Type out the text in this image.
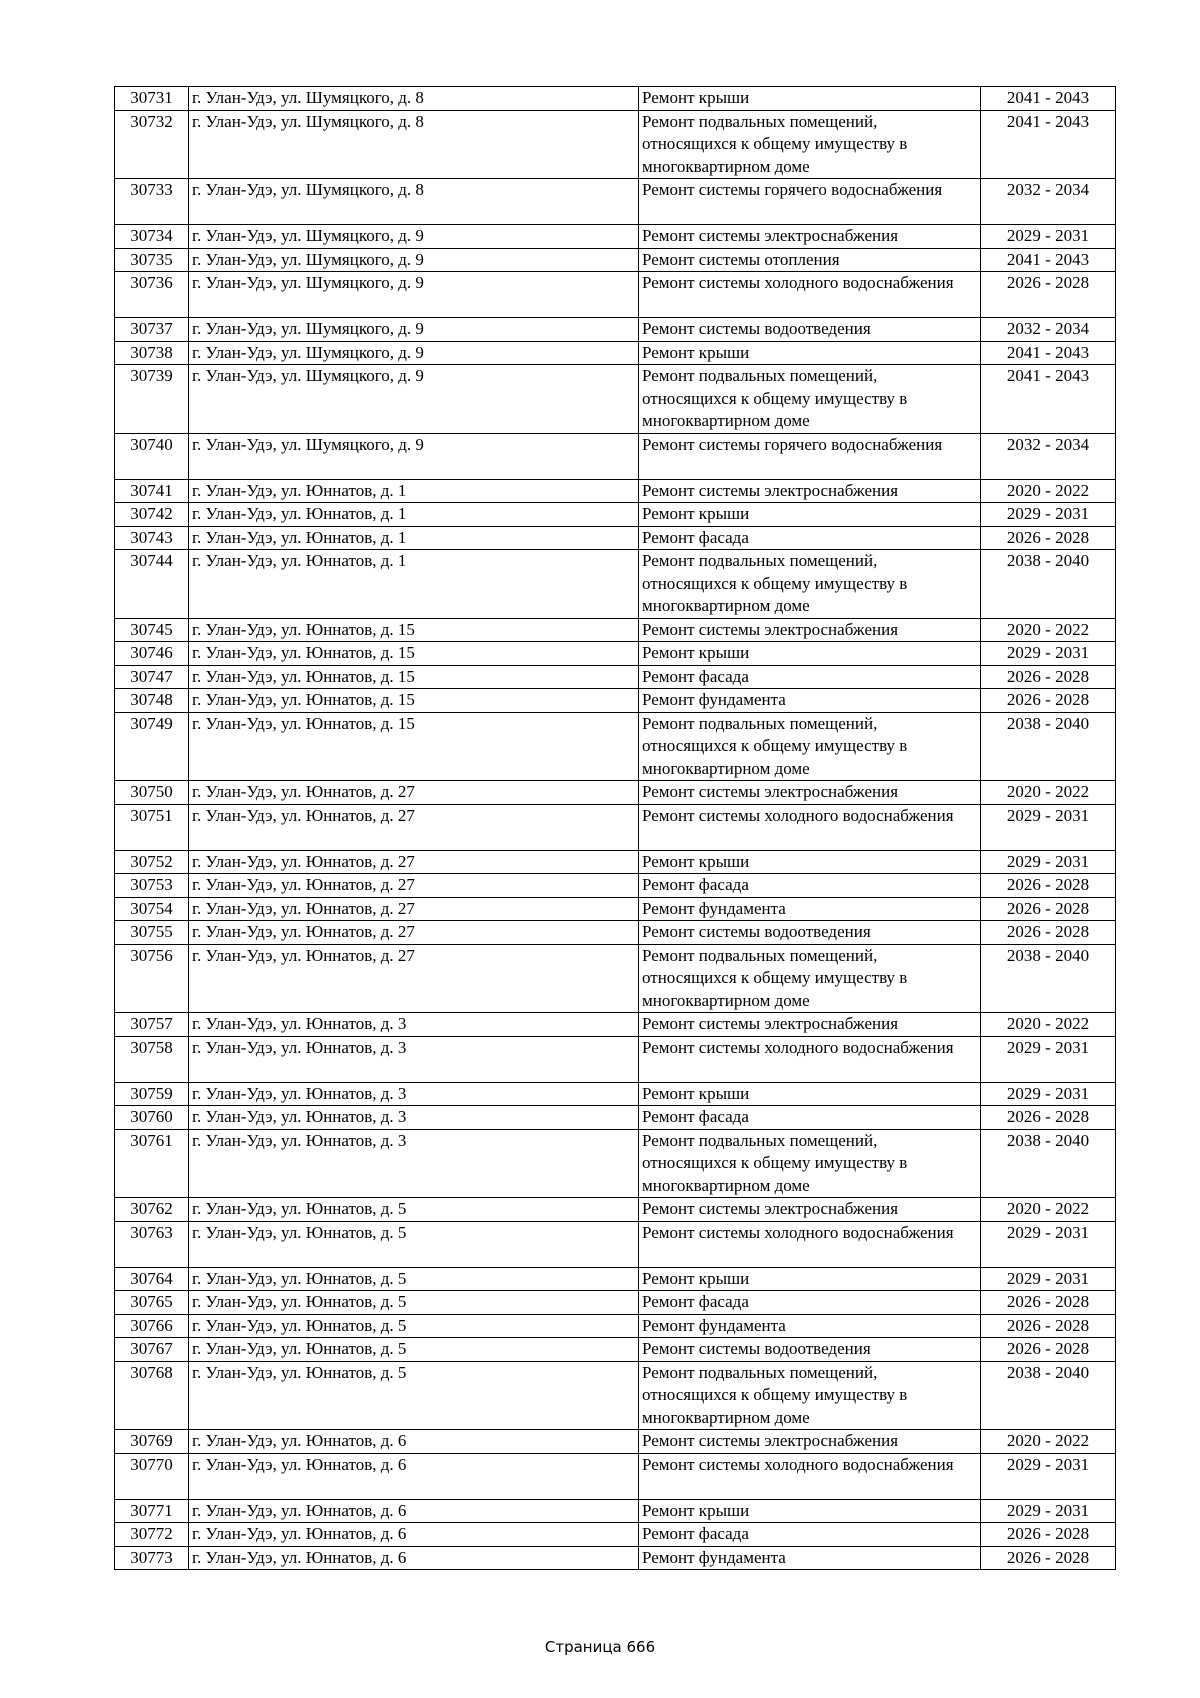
30731	г. Улан-Удэ, ул. Шумяцкого, д. 8	Ремонт крыши	2041 - 2043
30732	г. Улан-Удэ, ул. Шумяцкого, д. 8	Ремонт подвальных помещений,
относящихся к общему имуществу в
многоквартирном доме	2041 - 2043
30733	г. Улан-Удэ, ул. Шумяцкого, д. 8	Ремонт системы горячего водоснабжения	2032 - 2034
30734	г. Улан-Удэ, ул. Шумяцкого, д. 9	Ремонт системы электроснабжения	2029 - 2031
30735	г. Улан-Удэ, ул. Шумяцкого, д. 9	Ремонт системы отопления	2041 - 2043
30736	г. Улан-Удэ, ул. Шумяцкого, д. 9	Ремонт системы холодного водоснабжения	2026 - 2028
30737	г. Улан-Удэ, ул. Шумяцкого, д. 9	Ремонт системы водоотведения	2032 - 2034
30738	г. Улан-Удэ, ул. Шумяцкого, д. 9	Ремонт крыши	2041 - 2043
30739	г. Улан-Удэ, ул. Шумяцкого, д. 9	Ремонт подвальных помещений,
относящихся к общему имуществу в
многоквартирном доме	2041 - 2043
30740	г. Улан-Удэ, ул. Шумяцкого, д. 9	Ремонт системы горячего водоснабжения	2032 - 2034
30741	г. Улан-Удэ, ул. Юннатов, д. 1	Ремонт системы электроснабжения	2020 - 2022
30742	г. Улан-Удэ, ул. Юннатов, д. 1	Ремонт крыши	2029 - 2031
30743	г. Улан-Удэ, ул. Юннатов, д. 1	Ремонт фасада	2026 - 2028
30744	г. Улан-Удэ, ул. Юннатов, д. 1	Ремонт подвальных помещений,
относящихся к общему имуществу в
многоквартирном доме	2038 - 2040
30745	г. Улан-Удэ, ул. Юннатов, д. 15	Ремонт системы электроснабжения	2020 - 2022
30746	г. Улан-Удэ, ул. Юннатов, д. 15	Ремонт крыши	2029 - 2031
30747	г. Улан-Удэ, ул. Юннатов, д. 15	Ремонт фасада	2026 - 2028
30748	г. Улан-Удэ, ул. Юннатов, д. 15	Ремонт фундамента	2026 - 2028
30749	г. Улан-Удэ, ул. Юннатов, д. 15	Ремонт подвальных помещений,
относящихся к общему имуществу в
многоквартирном доме	2038 - 2040
30750	г. Улан-Удэ, ул. Юннатов, д. 27	Ремонт системы электроснабжения	2020 - 2022
30751	г. Улан-Удэ, ул. Юннатов, д. 27	Ремонт системы холодного водоснабжения	2029 - 2031
30752	г. Улан-Удэ, ул. Юннатов, д. 27	Ремонт крыши	2029 - 2031
30753	г. Улан-Удэ, ул. Юннатов, д. 27	Ремонт фасада	2026 - 2028
30754	г. Улан-Удэ, ул. Юннатов, д. 27	Ремонт фундамента	2026 - 2028
30755	г. Улан-Удэ, ул. Юннатов, д. 27	Ремонт системы водоотведения	2026 - 2028
30756	г. Улан-Удэ, ул. Юннатов, д. 27	Ремонт подвальных помещений,
относящихся к общему имуществу в
многоквартирном доме	2038 - 2040
30757	г. Улан-Удэ, ул. Юннатов, д. 3	Ремонт системы электроснабжения	2020 - 2022
30758	г. Улан-Удэ, ул. Юннатов, д. 3	Ремонт системы холодного водоснабжения	2029 - 2031
30759	г. Улан-Удэ, ул. Юннатов, д. 3	Ремонт крыши	2029 - 2031
30760	г. Улан-Удэ, ул. Юннатов, д. 3	Ремонт фасада	2026 - 2028
30761	г. Улан-Удэ, ул. Юннатов, д. 3	Ремонт подвальных помещений,
относящихся к общему имуществу в
многоквартирном доме	2038 - 2040
30762	г. Улан-Удэ, ул. Юннатов, д. 5	Ремонт системы электроснабжения	2020 - 2022
30763	г. Улан-Удэ, ул. Юннатов, д. 5	Ремонт системы холодного водоснабжения	2029 - 2031
30764	г. Улан-Удэ, ул. Юннатов, д. 5	Ремонт крыши	2029 - 2031
30765	г. Улан-Удэ, ул. Юннатов, д. 5	Ремонт фасада	2026 - 2028
30766	г. Улан-Удэ, ул. Юннатов, д. 5	Ремонт фундамента	2026 - 2028
30767	г. Улан-Удэ, ул. Юннатов, д. 5	Ремонт системы водоотведения	2026 - 2028
30768	г. Улан-Удэ, ул. Юннатов, д. 5	Ремонт подвальных помещений,
относящихся к общему имуществу в
многоквартирном доме	2038 - 2040
30769	г. Улан-Удэ, ул. Юннатов, д. 6	Ремонт системы электроснабжения	2020 - 2022
30770	г. Улан-Удэ, ул. Юннатов, д. 6	Ремонт системы холодного водоснабжения	2029 - 2031
30771	г. Улан-Удэ, ул. Юннатов, д. 6	Ремонт крыши	2029 - 2031
30772	г. Улан-Удэ, ул. Юннатов, д. 6	Ремонт фасада	2026 - 2028
30773	г. Улан-Удэ, ул. Юннатов, д. 6	Ремонт фундамента	2026 - 2028
Страница 666
